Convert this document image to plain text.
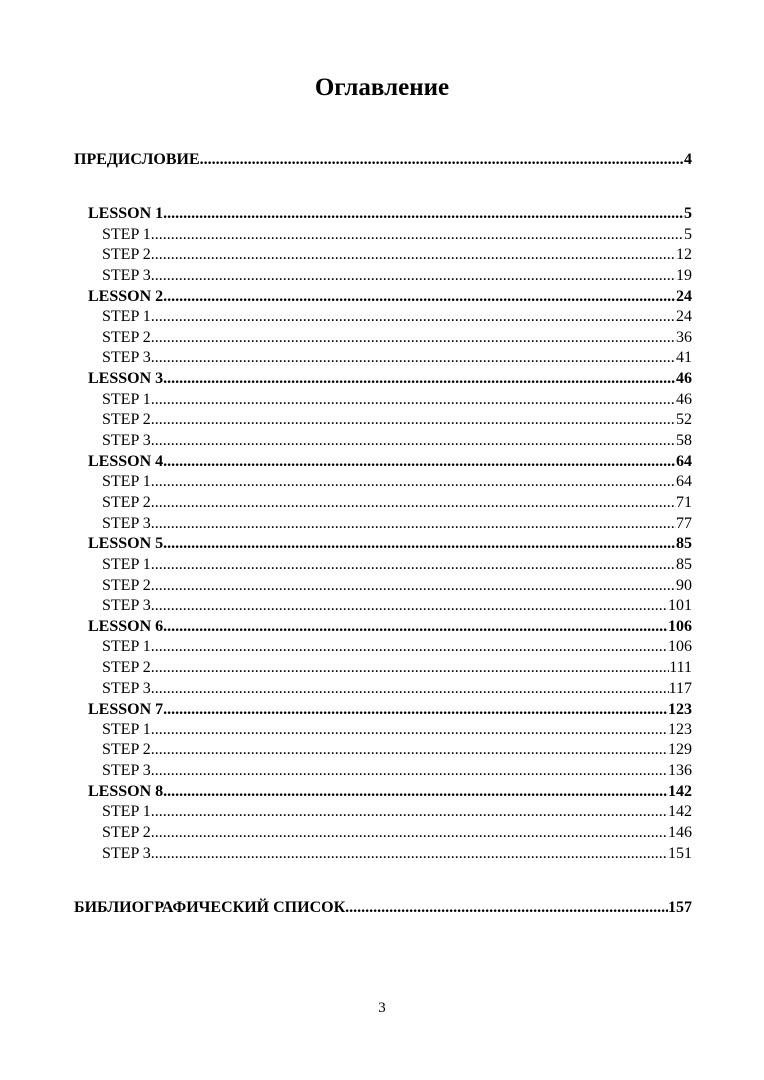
Оглавление
ПРЕДИСЛОВИЕ .....	4
LESSON 1 .....	5
STEP 1 .....	5
STEP 2 .....	12
STEP 3 .....	19
LESSON 2 .....	24
STEP 1 .....	24
STEP 2 .....	36
STEP 3 .....	41
LESSON 3 .....	46
STEP 1 .....	46
STEP 2 .....	52
STEP 3 .....	58
LESSON 4 .....	64
STEP 1 .....	64
STEP 2 .....	71
STEP 3 .....	77
LESSON 5 .....	85
STEP 1 .....	85
STEP 2 .....	90
STEP 3 .....	101
LESSON 6 .....	106
STEP 1 .....	106
STEP 2 .....	111
STEP 3 .....	117
LESSON 7 .....	123
STEP 1 .....	123
STEP 2 .....	129
STEP 3 .....	136
LESSON 8 .....	142
STEP 1 .....	142
STEP 2 .....	146
STEP 3 .....	151
БИБЛИОГРАФИЧЕСКИЙ СПИСОК .....	157
3
